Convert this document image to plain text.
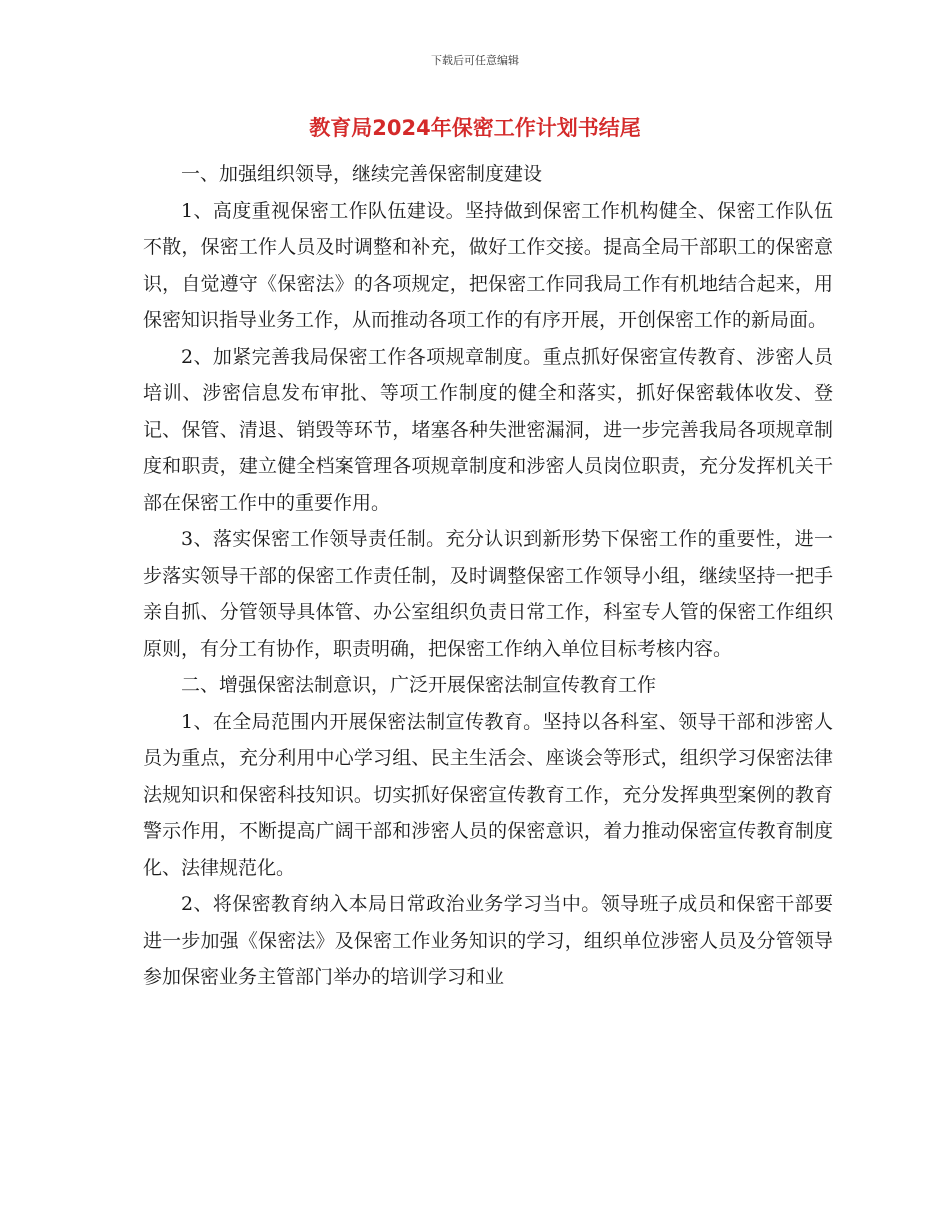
下载后可任意编辑
教育局2024年保密工作计划书结尾

一、加强组织领导，继续完善保密制度建设

1、高度重视保密工作队伍建设。坚持做到保密工作机构健全、保密工作队伍不散，保密工作人员及时调整和补充，做好工作交接。提高全局干部职工的保密意识，自觉遵守《保密法》的各项规定，把保密工作同我局工作有机地结合起来，用保密知识指导业务工作，从而推动各项工作的有序开展，开创保密工作的新局面。

2、加紧完善我局保密工作各项规章制度。重点抓好保密宣传教育、涉密人员培训、涉密信息发布审批、等项工作制度的健全和落实，抓好保密载体收发、登记、保管、清退、销毁等环节，堵塞各种失泄密漏洞，进一步完善我局各项规章制度和职责，建立健全档案管理各项规章制度和涉密人员岗位职责，充分发挥机关干部在保密工作中的重要作用。

3、落实保密工作领导责任制。充分认识到新形势下保密工作的重要性，进一步落实领导干部的保密工作责任制，及时调整保密工作领导小组，继续坚持一把手亲自抓、分管领导具体管、办公室组织负责日常工作，科室专人管的保密工作组织原则，有分工有协作，职责明确，把保密工作纳入单位目标考核内容。

二、增强保密法制意识，广泛开展保密法制宣传教育工作

1、在全局范围内开展保密法制宣传教育。坚持以各科室、领导干部和涉密人员为重点，充分利用中心学习组、民主生活会、座谈会等形式，组织学习保密法律法规知识和保密科技知识。切实抓好保密宣传教育工作，充分发挥典型案例的教育警示作用，不断提高广阔干部和涉密人员的保密意识，着力推动保密宣传教育制度化、法律规范化。

2、将保密教育纳入本局日常政治业务学习当中。领导班子成员和保密干部要进一步加强《保密法》及保密工作业务知识的学习，组织单位涉密人员及分管领导参加保密业务主管部门举办的培训学习和业
